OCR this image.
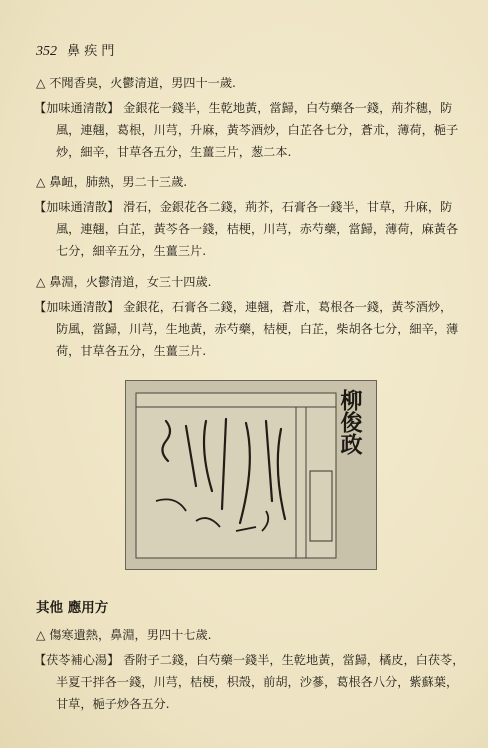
352 鼻 疾 門
△ 不聞香臭，火鬱清道，男四十一歲.
【加味通清散】 金銀花一錢半，生乾地黃，當歸，白芍藥各一錢，荊芥穗，防
風，連翹，葛根，川芎，升麻，黃芩酒炒，白芷各七分，蒼朮，薄荷，梔子
炒，細辛，甘草各五分，生薑三片，葱二本.
△ 鼻衄，肺熱，男二十三歲.
【加味通清散】 滑石，金銀花各二錢，荊芥，石膏各一錢半，甘草，升麻，防
風，連翹，白芷，黃芩各一錢，桔梗，川芎，赤芍藥，當歸，薄荷，麻黃各
七分，細辛五分，生薑三片.
△ 鼻淵，火鬱清道，女三十四歲.
【加味通清散】 金銀花，石膏各二錢，連翹，蒼朮，葛根各一錢，黃芩酒炒，
防風，當歸，川芎，生地黃，赤芍藥，桔梗，白芷，柴胡各七分，細辛，薄
荷，甘草各五分，生薑三片.
柳俊政
其他 應用方
△ 傷寒遺熱，鼻淵，男四十七歲.
【茯苓補心湯】 香附子二錢，白芍藥一錢半，生乾地黃，當歸，橘皮，白茯苓，
半夏干拌各一錢，川芎，桔梗，枳殼，前胡，沙蔘，葛根各八分，紫蘇葉，
甘草，梔子炒各五分.
